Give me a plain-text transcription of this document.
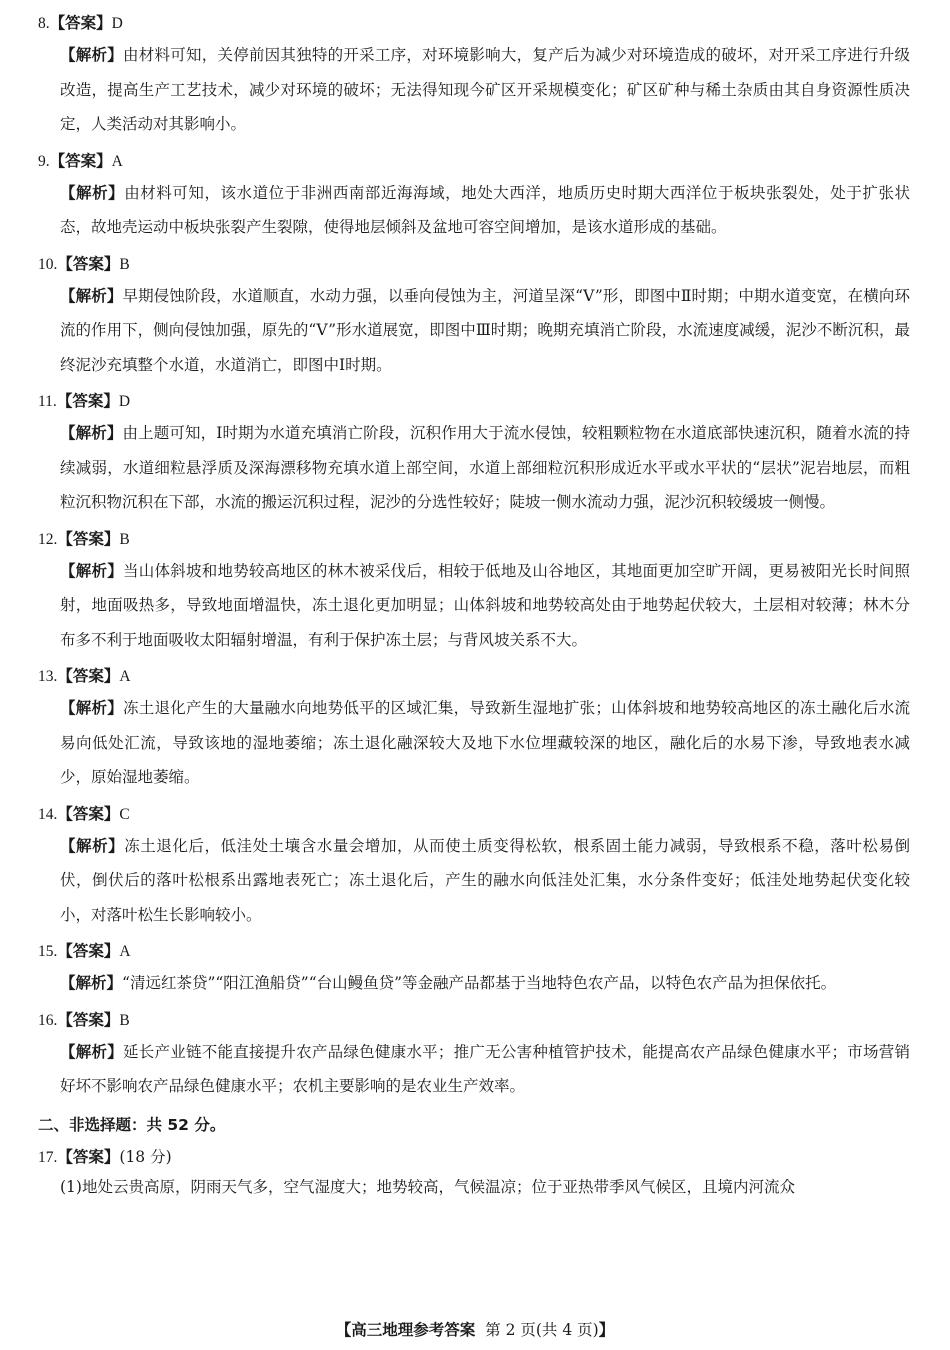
8.【答案】D
【解析】由材料可知，关停前因其独特的开采工序，对环境影响大，复产后为减少对环境造成的破坏，对开采工序进行升级改造，提高生产工艺技术，减少对环境的破坏；无法得知现今矿区开采规模变化；矿区矿种与稀土杂质由其自身资源性质决定，人类活动对其影响小。
9.【答案】A
【解析】由材料可知，该水道位于非洲西南部近海海域，地处大西洋，地质历史时期大西洋位于板块张裂处，处于扩张状态，故地壳运动中板块张裂产生裂隙，使得地层倾斜及盆地可容空间增加，是该水道形成的基础。
10.【答案】B
【解析】早期侵蚀阶段，水道顺直，水动力强，以垂向侵蚀为主，河道呈深“V”形，即图中Ⅱ时期；中期水道变宽，在横向环流的作用下，侧向侵蚀加强，原先的“V”形水道展宽，即图中Ⅲ时期；晚期充填消亡阶段，水流速度减缓，泥沙不断沉积，最终泥沙充填整个水道，水道消亡，即图中Ⅰ时期。
11.【答案】D
【解析】由上题可知，Ⅰ时期为水道充填消亡阶段，沉积作用大于流水侵蚀，较粗颗粒物在水道底部快速沉积，随着水流的持续减弱，水道细粒悬浮质及深海漂移物充填水道上部空间，水道上部细粒沉积形成近水平或水平状的“层状”泥岩地层，而粗粒沉积物沉积在下部，水流的搬运沉积过程，泥沙的分选性较好；陡坡一侧水流动力强，泥沙沉积较缓坡一侧慢。
12.【答案】B
【解析】当山体斜坡和地势较高地区的林木被采伐后，相较于低地及山谷地区，其地面更加空旷开阔，更易被阳光长时间照射，地面吸热多，导致地面增温快，冻土退化更加明显；山体斜坡和地势较高处由于地势起伏较大，土层相对较薄；林木分布多不利于地面吸收太阳辐射增温，有利于保护冻土层；与背风坡关系不大。
13.【答案】A
【解析】冻土退化产生的大量融水向地势低平的区域汇集，导致新生湿地扩张；山体斜坡和地势较高地区的冻土融化后水流易向低处汇流，导致该地的湿地萎缩；冻土退化融深较大及地下水位埋藏较深的地区，融化后的水易下渗，导致地表水减少，原始湿地萎缩。
14.【答案】C
【解析】冻土退化后，低洼处土壤含水量会增加，从而使土质变得松软，根系固土能力减弱，导致根系不稳，落叶松易倒伏，倒伏后的落叶松根系出露地表死亡；冻土退化后，产生的融水向低洼处汇集，水分条件变好；低洼处地势起伏变化较小，对落叶松生长影响较小。
15.【答案】A
【解析】“清远红茶贷”“阳江渔船贷”“台山鳗鱼贷”等金融产品都基于当地特色农产品，以特色农产品为担保依托。
16.【答案】B
【解析】延长产业链不能直接提升农产品绿色健康水平；推广无公害种植管护技术，能提高农产品绿色健康水平；市场营销好坏不影响农产品绿色健康水平；农机主要影响的是农业生产效率。
二、非选择题：共 52 分。
17.【答案】(18 分)
(1)地处云贵高原，阴雨天气多，空气湿度大；地势较高，气候温凉；位于亚热带季风气候区，且境内河流众
【高三地理参考答案 第 2 页(共 4 页)】
